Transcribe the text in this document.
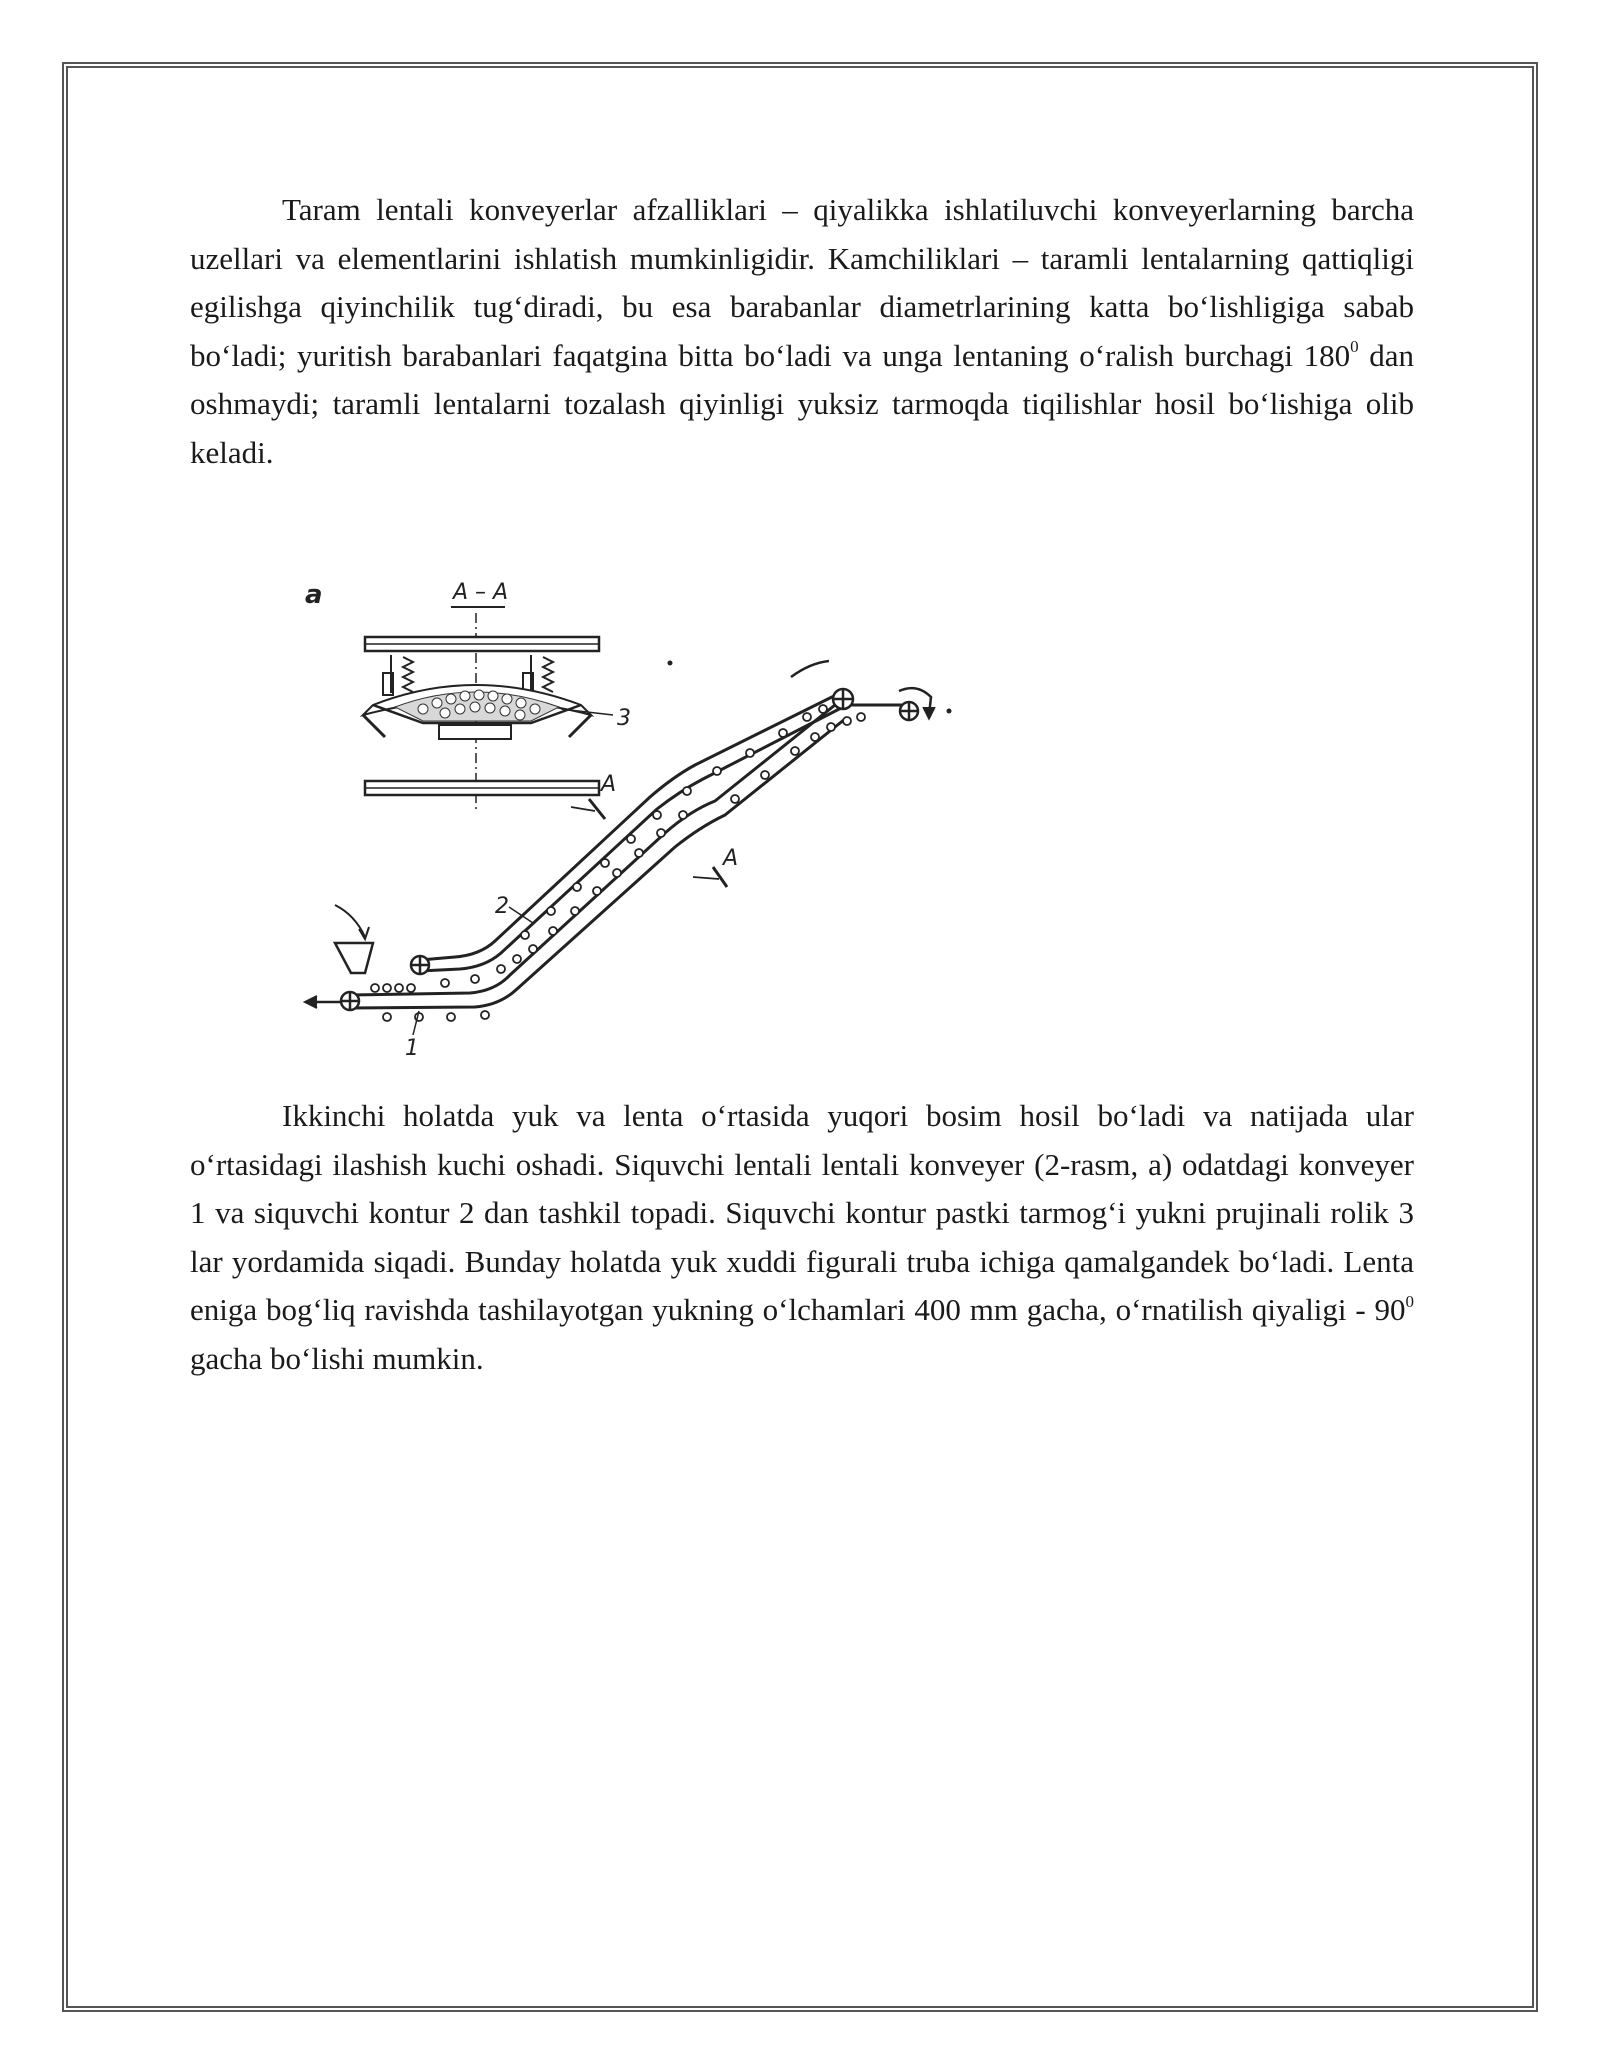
Taram lentali konveyerlar afzalliklari – qiyalikka ishlatiluvchi konveyerlarning barcha uzellari va elementlarini ishlatish mumkinligidir. Kamchiliklari – taramli lentalarning qattiqligi egilishga qiyinchilik tug‘diradi, bu esa barabanlar diametrlarining katta bo‘lishligiga sabab bo‘ladi; yuritish barabanlari faqatgina bitta bo‘ladi va unga lentaning o‘ralish burchagi $180^0$ dan oshmaydi; taramli lentalarni tozalash qiyinligi yuksiz tarmoqda tiqilishlar hosil bo‘lishiga olib keladi.

a	A – A
3
A
A
2
1

Ikkinchi holatda yuk va lenta o‘rtasida yuqori bosim hosil bo‘ladi va natijada ular o‘rtasidagi ilashish kuchi oshadi. Siquvchi lentali lentali konveyer (2-rasm, a) odatdagi konveyer 1 va siquvchi kontur 2 dan tashkil topadi. Siquvchi kontur pastki tarmog‘i yukni prujinali rolik 3 lar yordamida siqadi. Bunday holatda yuk xuddi figurali truba ichiga qamalgandek bo‘ladi. Lenta eniga bog‘liq ravishda tashilayotgan yukning o‘lchamlari 400 mm gacha, o‘rnatilish qiyaligi - $90^0$ gacha bo‘lishi mumkin.
